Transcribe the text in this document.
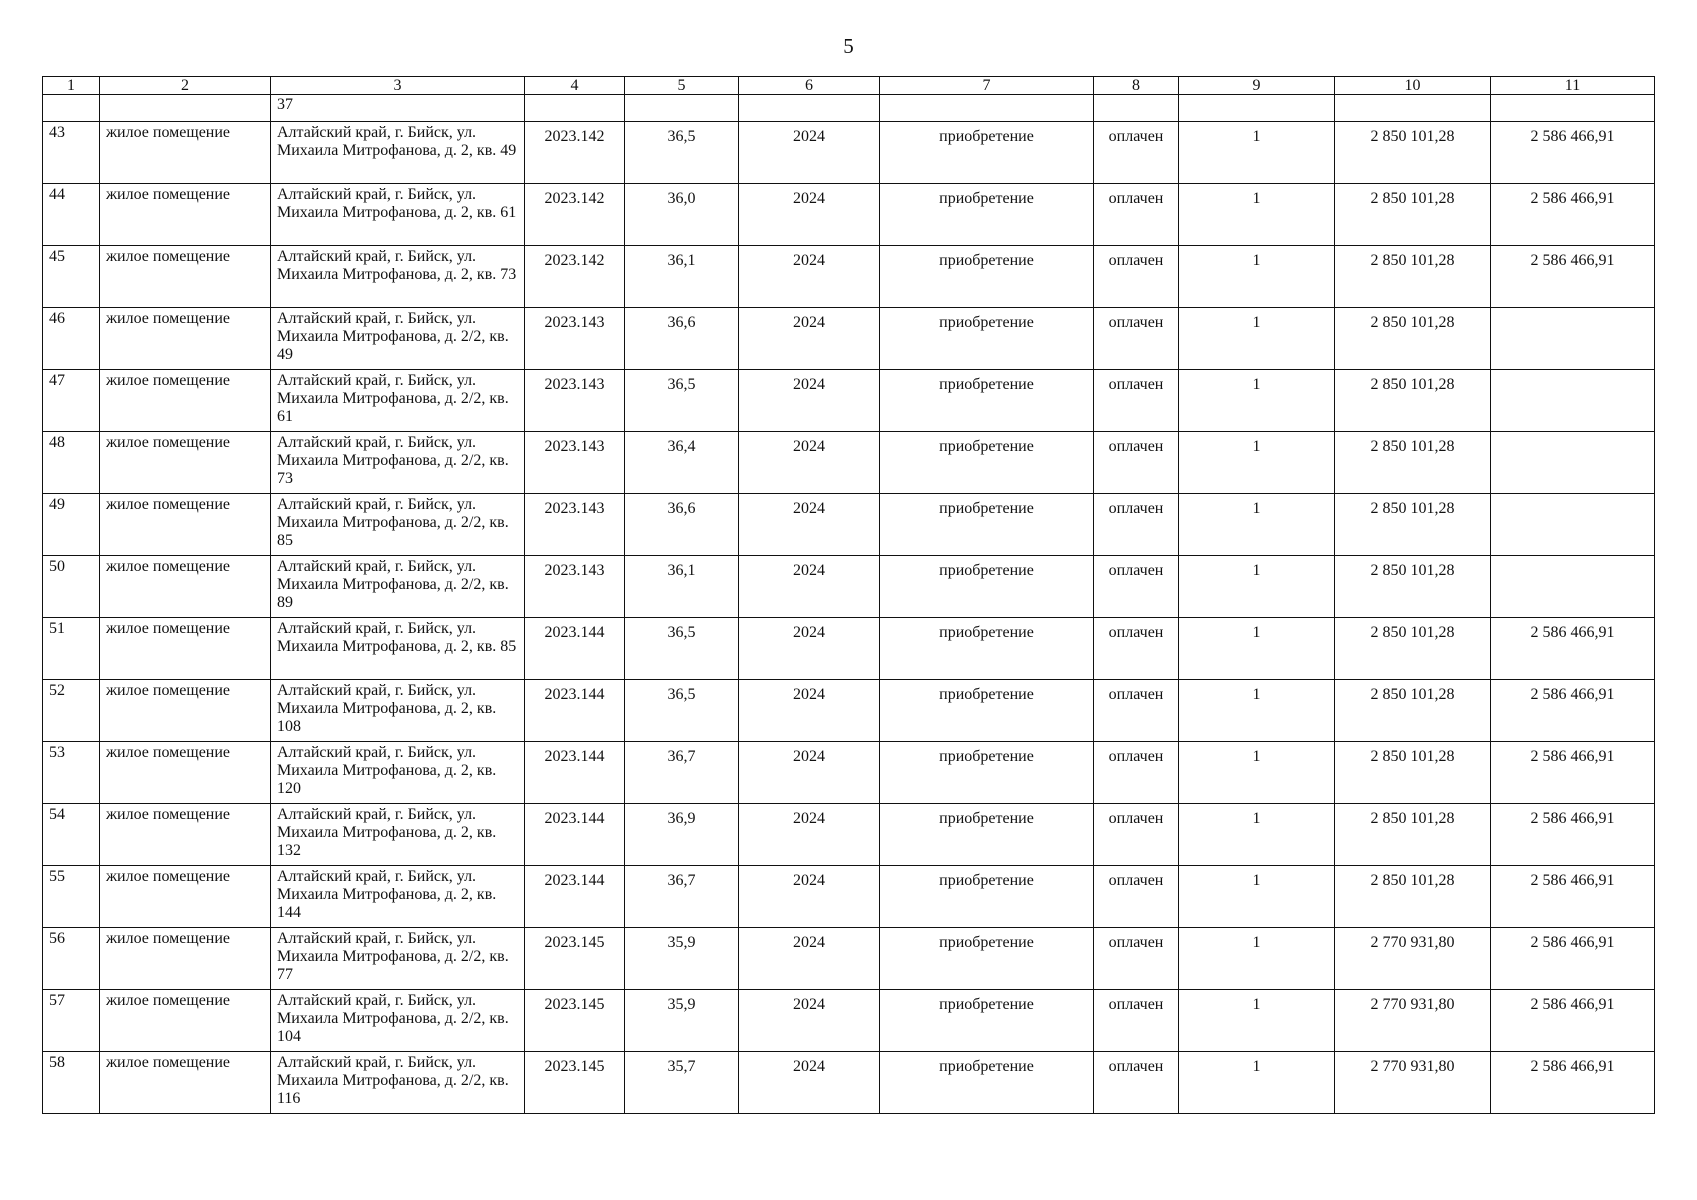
5
1	2	3	4	5	6	7	8	9	10	11
		37								
43	жилое помещение	Алтайский край, г. Бийск, ул. Михаила Митрофанова, д. 2, кв. 49	2023.142	36,5	2024	приобретение	оплачен	1	2 850 101,28	2 586 466,91
44	жилое помещение	Алтайский край, г. Бийск, ул. Михаила Митрофанова, д. 2, кв. 61	2023.142	36,0	2024	приобретение	оплачен	1	2 850 101,28	2 586 466,91
45	жилое помещение	Алтайский край, г. Бийск, ул. Михаила Митрофанова, д. 2, кв. 73	2023.142	36,1	2024	приобретение	оплачен	1	2 850 101,28	2 586 466,91
46	жилое помещение	Алтайский край, г. Бийск, ул. Михаила Митрофанова, д. 2/2, кв. 49	2023.143	36,6	2024	приобретение	оплачен	1	2 850 101,28	
47	жилое помещение	Алтайский край, г. Бийск, ул. Михаила Митрофанова, д. 2/2, кв. 61	2023.143	36,5	2024	приобретение	оплачен	1	2 850 101,28	
48	жилое помещение	Алтайский край, г. Бийск, ул. Михаила Митрофанова, д. 2/2, кв. 73	2023.143	36,4	2024	приобретение	оплачен	1	2 850 101,28	
49	жилое помещение	Алтайский край, г. Бийск, ул. Михаила Митрофанова, д. 2/2, кв. 85	2023.143	36,6	2024	приобретение	оплачен	1	2 850 101,28	
50	жилое помещение	Алтайский край, г. Бийск, ул. Михаила Митрофанова, д. 2/2, кв. 89	2023.143	36,1	2024	приобретение	оплачен	1	2 850 101,28	
51	жилое помещение	Алтайский край, г. Бийск, ул. Михаила Митрофанова, д. 2, кв. 85	2023.144	36,5	2024	приобретение	оплачен	1	2 850 101,28	2 586 466,91
52	жилое помещение	Алтайский край, г. Бийск, ул. Михаила Митрофанова, д. 2, кв. 108	2023.144	36,5	2024	приобретение	оплачен	1	2 850 101,28	2 586 466,91
53	жилое помещение	Алтайский край, г. Бийск, ул. Михаила Митрофанова, д. 2, кв. 120	2023.144	36,7	2024	приобретение	оплачен	1	2 850 101,28	2 586 466,91
54	жилое помещение	Алтайский край, г. Бийск, ул. Михаила Митрофанова, д. 2, кв. 132	2023.144	36,9	2024	приобретение	оплачен	1	2 850 101,28	2 586 466,91
55	жилое помещение	Алтайский край, г. Бийск, ул. Михаила Митрофанова, д. 2, кв. 144	2023.144	36,7	2024	приобретение	оплачен	1	2 850 101,28	2 586 466,91
56	жилое помещение	Алтайский край, г. Бийск, ул. Михаила Митрофанова, д. 2/2, кв. 77	2023.145	35,9	2024	приобретение	оплачен	1	2 770 931,80	2 586 466,91
57	жилое помещение	Алтайский край, г. Бийск, ул. Михаила Митрофанова, д. 2/2, кв. 104	2023.145	35,9	2024	приобретение	оплачен	1	2 770 931,80	2 586 466,91
58	жилое помещение	Алтайский край, г. Бийск, ул. Михаила Митрофанова, д. 2/2, кв. 116	2023.145	35,7	2024	приобретение	оплачен	1	2 770 931,80	2 586 466,91
